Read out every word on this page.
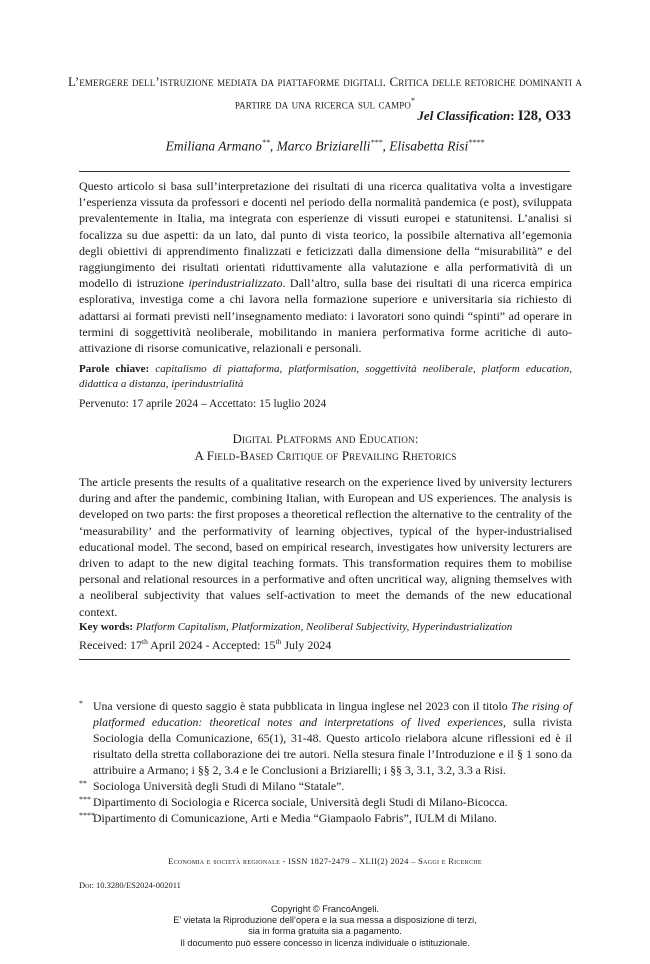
L’emergere dell’istruzione mediata da piattaforme digitali. Critica delle retoriche dominanti a partire da una ricerca sul campo*
Jel Classification: I28, O33
Emiliana Armano**, Marco Briziarelli***, Elisabetta Risi****
Questo articolo si basa sull’interpretazione dei risultati di una ricerca qualitativa volta a investigare l’esperienza vissuta da professori e docenti nel periodo della normalità pandemica (e post), sviluppata prevalentemente in Italia, ma integrata con esperienze di vissuti europei e statunitensi. L’analisi si focalizza su due aspetti: da un lato, dal punto di vista teorico, la possibile alternativa all’egemonia degli obiettivi di apprendimento finalizzati e feticizzati dalla dimensione della “misurabilità” e del raggiungimento dei risultati orientati riduttivamente alla valutazione e alla performatività di un modello di istruzione iperindustrializzato. Dall’altro, sulla base dei risultati di una ricerca empirica esplorativa, investiga come a chi lavora nella formazione superiore e universitaria sia richiesto di adattarsi ai formati previsti nell’insegnamento mediato: i lavoratori sono quindi “spinti” ad operare in termini di soggettività neoliberale, mobilitando in maniera performativa forme acritiche di auto-attivazione di risorse comunicative, relazionali e personali.
Parole chiave: capitalismo di piattaforma, platformisation, soggettività neoliberale, platform education, didattica a distanza, iperindustrialità
Pervenuto: 17 aprile 2024 – Accettato: 15 luglio 2024
Digital Platforms and Education:
A Field-Based Critique of Prevailing Rhetorics
The article presents the results of a qualitative research on the experience lived by university lecturers during and after the pandemic, combining Italian, with European and US experiences. The analysis is developed on two parts: the first proposes a theoretical reflection the alternative to the centrality of the ‘measurability’ and the performativity of learning objectives, typical of the hyper-industrialised educational model. The second, based on empirical research, investigates how university lecturers are driven to adapt to the new digital teaching formats. This transformation requires them to mobilise personal and relational resources in a performative and often uncritical way, aligning themselves with a neoliberal subjectivity that values self-activation to meet the demands of the new educational context.
Key words: Platform Capitalism, Platformization, Neoliberal Subjectivity, Hyperindustrialization
Received: 17th April 2024 - Accepted: 15th July 2024
* Una versione di questo saggio è stata pubblicata in lingua inglese nel 2023 con il titolo The rising of platformed education: theoretical notes and interpretations of lived experiences, sulla rivista Sociologia della Comunicazione, 65(1), 31-48. Questo articolo rielabora alcune riflessioni ed è il risultato della stretta collaborazione dei tre autori. Nella stesura finale l’Introduzione e il § 1 sono da attribuire a Armano; i §§ 2, 3.4 e le Conclusioni a Briziarelli; i §§ 3, 3.1, 3.2, 3.3 a Risi.
** Sociologa Università degli Studi di Milano “Statale”.
*** Dipartimento di Sociologia e Ricerca sociale, Università degli Studi di Milano-Bicocca.
****
Dipartimento di Comunicazione, Arti e Media “Giampaolo Fabris”, IULM di Milano.
Economia e società regionale - ISSN 1827-2479 – XLII(2) 2024 – Saggi e Ricerche
Doi: 10.3280/ES2024-002011
Copyright © FrancoAngeli.
E’ vietata la Riproduzione dell’opera e la sua messa a disposizione di terzi,
sia in forma gratuita sia a pagamento.
Il documento può essere concesso in licenza individuale o istituzionale.
